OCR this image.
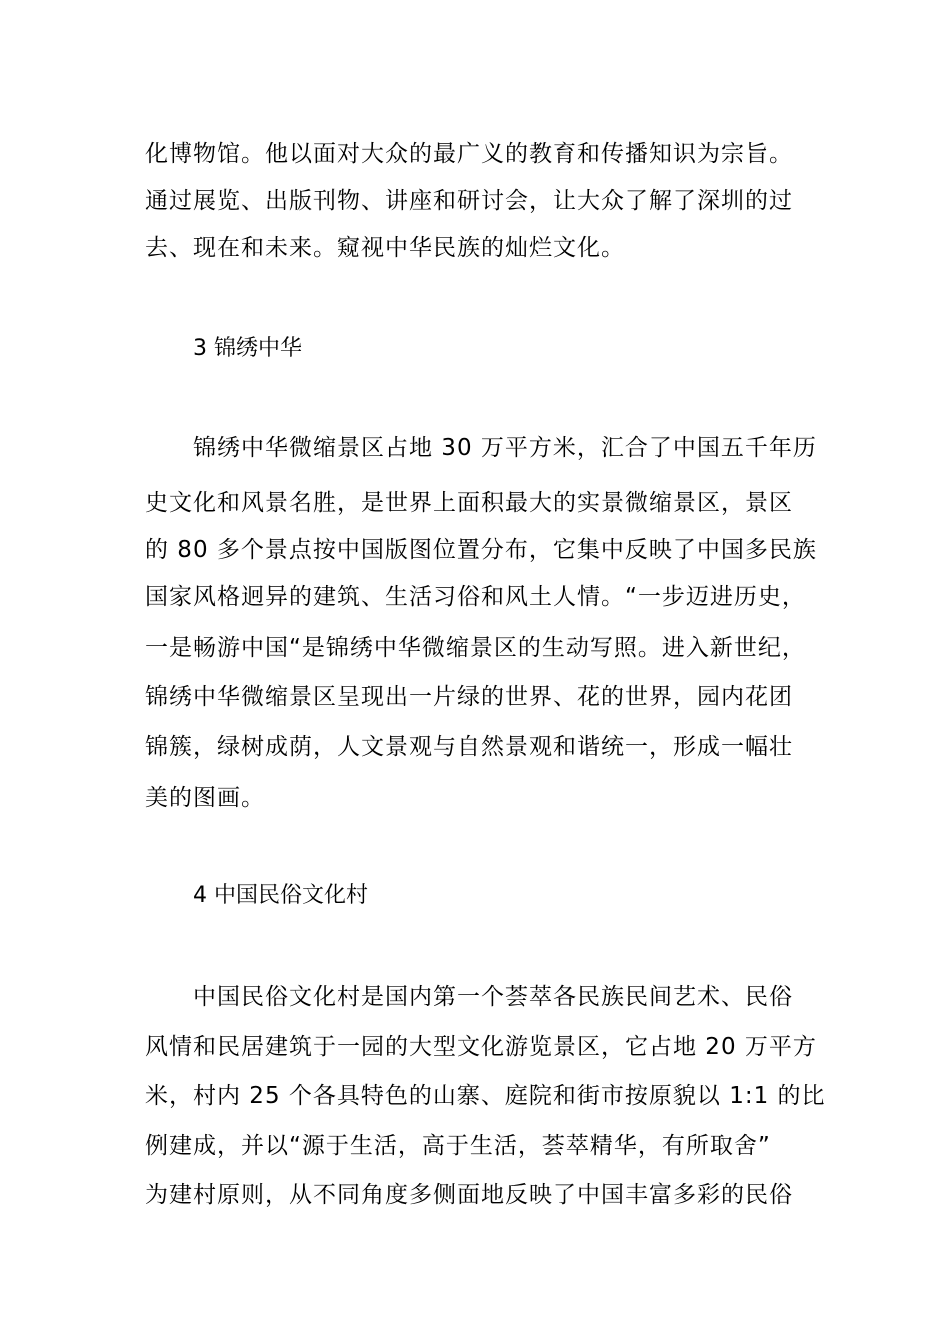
化博物馆。他以面对大众的最广义的教育和传播知识为宗旨。
通过展览、出版刊物、讲座和研讨会，让大众了解了深圳的过
去、现在和未来。窥视中华民族的灿烂文化。
3 锦绣中华
锦绣中华微缩景区占地 30 万平方米，汇合了中国五千年历
史文化和风景名胜，是世界上面积最大的实景微缩景区，景区
的 80 多个景点按中国版图位置分布，它集中反映了中国多民族
国家风格迥异的建筑、生活习俗和风土人情。“一步迈进历史，
一是畅游中国“是锦绣中华微缩景区的生动写照。进入新世纪，
锦绣中华微缩景区呈现出一片绿的世界、花的世界，园内花团
锦簇，绿树成荫，人文景观与自然景观和谐统一，形成一幅壮
美的图画。
4 中国民俗文化村
中国民俗文化村是国内第一个荟萃各民族民间艺术、民俗
风情和民居建筑于一园的大型文化游览景区，它占地 20 万平方
米，村内 25 个各具特色的山寨、庭院和街市按原貌以 1:1 的比
例建成，并以“源于生活，高于生活，荟萃精华，有所取舍”
为建村原则，从不同角度多侧面地反映了中国丰富多彩的民俗
